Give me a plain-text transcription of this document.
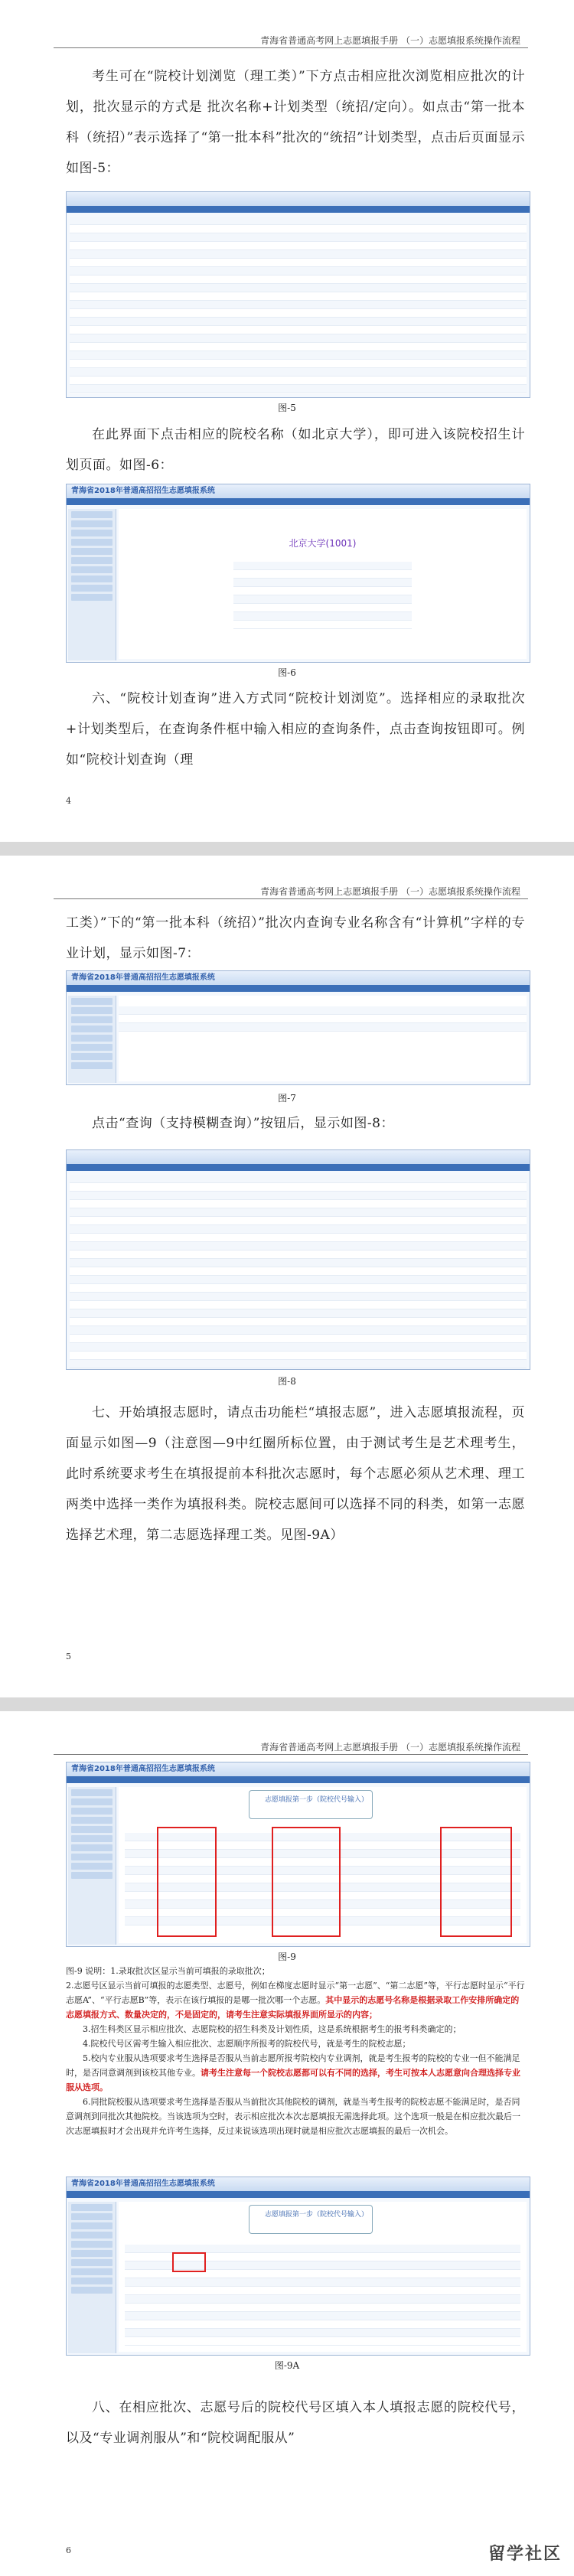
青海省普通高考网上志愿填报手册 （一）志愿填报系统操作流程
考生可在“院校计划浏览（理工类）”下方点击相应批次浏览相应批次的计划，批次显示的方式是 批次名称+计划类型（统招/定向）。如点击“第一批本科（统招）”表示选择了“第一批本科”批次的“统招”计划类型，点击后页面显示如图-5：
图-5
在此界面下点击相应的院校名称（如北京大学），即可进入该院校招生计划页面。如图-6：
青海省2018年普通高招招生志愿填报系统
北京大学(1001)
图-6
六、“院校计划查询”进入方式同“院校计划浏览”。选择相应的录取批次+计划类型后，在查询条件框中输入相应的查询条件，点击查询按钮即可。例如“院校计划查询（理
4
青海省普通高考网上志愿填报手册 （一）志愿填报系统操作流程
工类）”下的“第一批本科（统招）”批次内查询专业名称含有“计算机”字样的专业计划，显示如图-7：
青海省2018年普通高招招生志愿填报系统
图-7
点击“查询（支持模糊查询）”按钮后，显示如图-8：
图-8
七、开始填报志愿时，请点击功能栏“填报志愿”，进入志愿填报流程，页面显示如图—9（注意图—9中红圈所标位置，由于测试考生是艺术理考生，此时系统要求考生在填报提前本科批次志愿时，每个志愿必须从艺术理、理工两类中选择一类作为填报科类。院校志愿间可以选择不同的科类，如第一志愿选择艺术理，第二志愿选择理工类。见图-9A）
5
青海省普通高考网上志愿填报手册 （一）志愿填报系统操作流程
青海省2018年普通高招招生志愿填报系统
志愿填报第一步（院校代号输入）
图-9
图-9 说明：1.录取批次区显示当前可填报的录取批次；
2.志愿号区显示当前可填报的志愿类型、志愿号，例如在梯度志愿时显示“第一志愿”、“第二志愿”等，平行志愿时显示“平行志愿A”、“平行志愿B”等，表示在该行填报的是哪一批次哪一个志愿。其中显示的志愿号名称是根据录取工作安排所确定的志愿填报方式、数量决定的，不是固定的，请考生注意实际填报界面所显示的内容；
3.招生科类区显示相应批次、志愿院校的招生科类及计划性质，这是系统根据考生的报考科类确定的；
4.院校代号区需考生输入相应批次、志愿顺序所报考的院校代号，就是考生的院校志愿；
5.校内专业服从选项要求考生选择是否服从当前志愿所报考院校内专业调剂，就是考生报考的院校的专业一但不能满足时，是否同意调剂到该校其他专业。请考生注意每一个院校志愿都可以有不同的选择，考生可按本人志愿意向合理选择专业服从选项。
6.同批院校服从选项要求考生选择是否服从当前批次其他院校的调剂，就是当考生报考的院校志愿不能满足时，是否同意调剂到同批次其他院校。当该选项为空时，表示相应批次本次志愿填报无需选择此项。这个选项一般是在相应批次最后一次志愿填报时才会出现并允许考生选择，反过来说该选项出现时就是相应批次志愿填报的最后一次机会。
青海省2018年普通高招招生志愿填报系统
志愿填报第一步（院校代号输入）
图-9A
八、在相应批次、志愿号后的院校代号区填入本人填报志愿的院校代号，以及“专业调剂服从”和“院校调配服从”
6	留学社区
